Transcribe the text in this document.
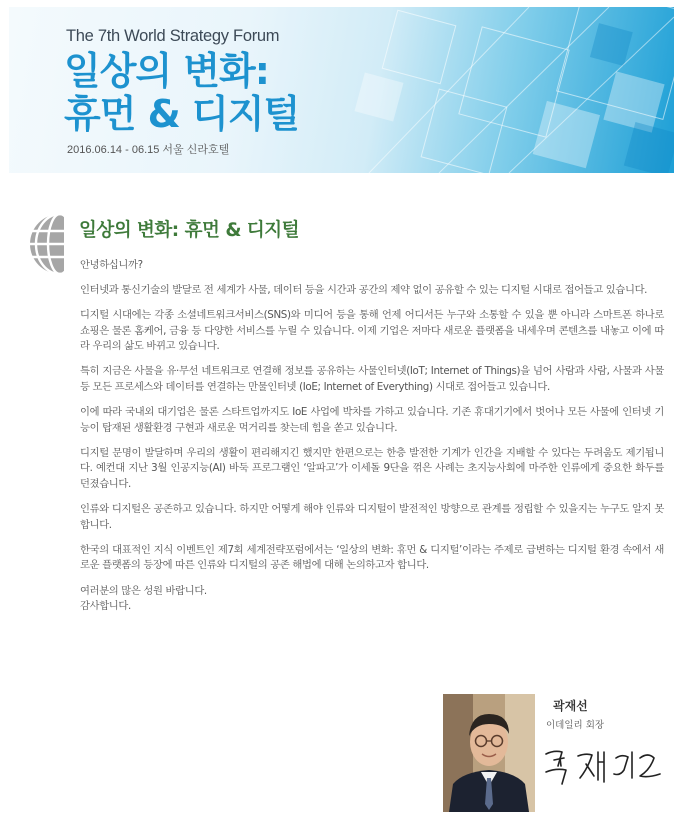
The 7th World Strategy Forum
일상의 변화:
휴먼 & 디지털
2016.06.14 - 06.15 서울 신라호텔
일상의 변화: 휴먼 & 디지털

안녕하십니까?

인터넷과 통신기술의 발달로 전 세계가 사물, 데이터 등을 시간과 공간의 제약 없이 공유할 수 있는 디지털 시대로 접어들고 있습니다.

디지털 시대에는 각종 소셜네트워크서비스(SNS)와 미디어 등을 통해 언제 어디서든 누구와 소통할 수 있을 뿐 아니라 스마트폰 하나로 쇼핑은 물론 홈케어, 금융 등 다양한 서비스를 누릴 수 있습니다. 이제 기업은 저마다 새로운 플랫폼을 내세우며 콘텐츠를 내놓고 이에 따라 우리의 삶도 바뀌고 있습니다.

특히 지금은 사물을 유·무선 네트워크로 연결해 정보를 공유하는 사물인터넷(IoT; Internet of Things)을 넘어 사람과 사람, 사물과 사물 등 모든 프로세스와 데이터를 연결하는 만물인터넷 (IoE; Internet of Everything) 시대로 접어들고 있습니다.

이에 따라 국내외 대기업은 물론 스타트업까지도 IoE 사업에 박차를 가하고 있습니다. 기존 휴대기기에서 벗어나 모든 사물에 인터넷 기능이 탑재된 생활환경 구현과 새로운 먹거리를 찾는데 힘을 쏟고 있습니다.

디지털 문명이 발달하며 우리의 생활이 편리해지긴 했지만 한편으로는 한층 발전한 기계가 인간을 지배할 수 있다는 두려움도 제기됩니다. 예컨대 지난 3월 인공지능(AI) 바둑 프로그램인 ‘알파고’가 이세돌 9단을 꺾은 사례는 초지능사회에 마주한 인류에게 중요한 화두를 던졌습니다.

인류와 디지털은 공존하고 있습니다. 하지만 어떻게 해야 인류와 디지털이 발전적인 방향으로 관계를 정립할 수 있을지는 누구도 알지 못합니다.

한국의 대표적인 지식 이벤트인 제7회 세계전략포럼에서는 ‘일상의 변화: 휴먼 & 디지털’이라는 주제로 급변하는 디지털 환경 속에서 새로운 플랫폼의 등장에 따른 인류와 디지털의 공존 해법에 대해 논의하고자 합니다.

여러분의 많은 성원 바랍니다.

감사합니다.

곽재선
이데일리 회장
